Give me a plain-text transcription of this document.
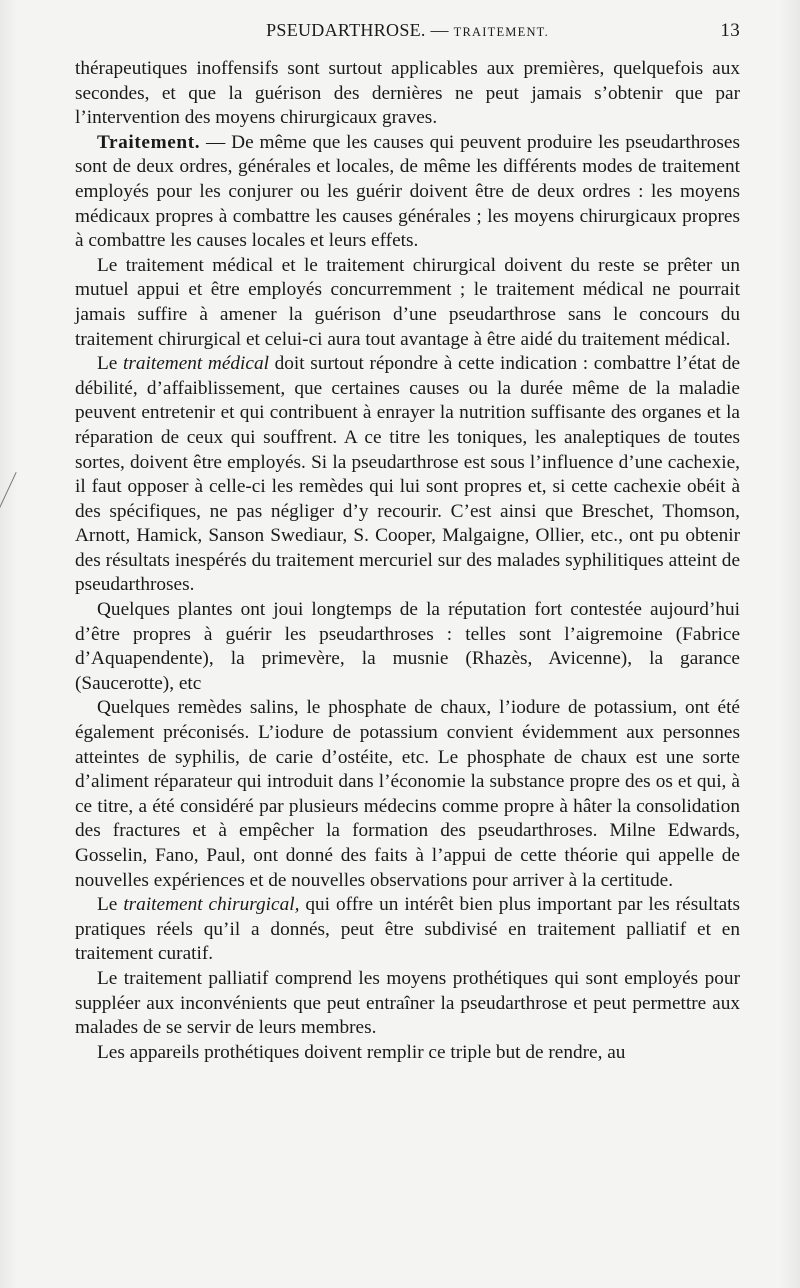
PSEUDARTHROSE. — TRAITEMENT.	13

thérapeutiques inoffensifs sont surtout applicables aux premières, quelquefois aux secondes, et que la guérison des dernières ne peut jamais s’obtenir que par l’intervention des moyens chirurgicaux graves.

Traitement. — De même que les causes qui peuvent produire les pseudarthroses sont de deux ordres, générales et locales, de même les différents modes de traitement employés pour les conjurer ou les guérir doivent être de deux ordres : les moyens médicaux propres à combattre les causes générales ; les moyens chirurgicaux propres à combattre les causes locales et leurs effets.

Le traitement médical et le traitement chirurgical doivent du reste se prêter un mutuel appui et être employés concurremment ; le traitement médical ne pourrait jamais suffire à amener la guérison d’une pseudarthrose sans le concours du traitement chirurgical et celui-ci aura tout avantage à être aidé du traitement médical.

Le traitement médical doit surtout répondre à cette indication : combattre l’état de débilité, d’affaiblissement, que certaines causes ou la durée même de la maladie peuvent entretenir et qui contribuent à enrayer la nutrition suffisante des organes et la réparation de ceux qui souffrent. A ce titre les toniques, les analeptiques de toutes sortes, doivent être employés. Si la pseudarthrose est sous l’influence d’une cachexie, il faut opposer à celle-ci les remèdes qui lui sont propres et, si cette cachexie obéit à des spécifiques, ne pas négliger d’y recourir. C’est ainsi que Breschet, Thomson, Arnott, Hamick, Sanson Swediaur, S. Cooper, Malgaigne, Ollier, etc., ont pu obtenir des résultats inespérés du traitement mercuriel sur des malades syphilitiques atteint de pseudarthroses.

Quelques plantes ont joui longtemps de la réputation fort contestée aujourd’hui d’être propres à guérir les pseudarthroses : telles sont l’aigremoine (Fabrice d’Aquapendente), la primevère, la musnie (Rhazès, Avicenne), la garance (Saucerotte), etc

Quelques remèdes salins, le phosphate de chaux, l’iodure de potassium, ont été également préconisés. L’iodure de potassium convient évidemment aux personnes atteintes de syphilis, de carie d’ostéite, etc. Le phosphate de chaux est une sorte d’aliment réparateur qui introduit dans l’économie la substance propre des os et qui, à ce titre, a été considéré par plusieurs médecins comme propre à hâter la consolidation des fractures et à empêcher la formation des pseudarthroses. Milne Edwards, Gosselin, Fano, Paul, ont donné des faits à l’appui de cette théorie qui appelle de nouvelles expériences et de nouvelles observations pour arriver à la certitude.

Le traitement chirurgical, qui offre un intérêt bien plus important par les résultats pratiques réels qu’il a donnés, peut être subdivisé en traitement palliatif et en traitement curatif.

Le traitement palliatif comprend les moyens prothétiques qui sont employés pour suppléer aux inconvénients que peut entraîner la pseudarthrose et peut permettre aux malades de se servir de leurs membres.

Les appareils prothétiques doivent remplir ce triple but de rendre, au
